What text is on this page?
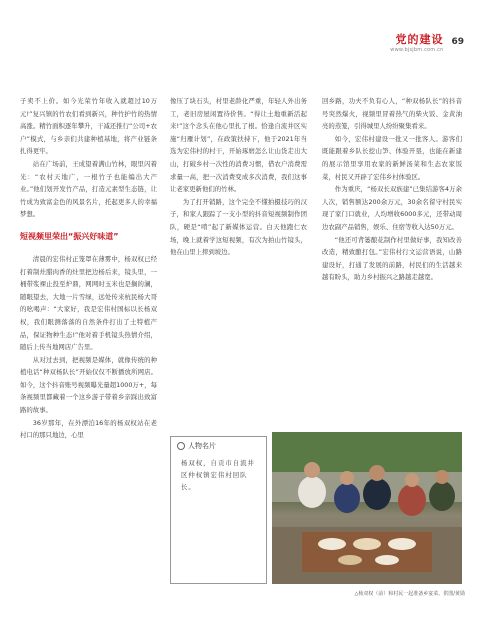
党的建设
www.bjsjbm.com.cn
69

子卖不上价。如今光荣竹年收入就超过10万元!”复兴镇的竹农们看到新兴，种竹护竹的热情高涨。精竹面积逐年攀升，干减还推行“公司+农户”模式，与乡亲们共建种植基地，将产业链条扎得更牢。

站在广场前，王成望着满山竹林，眼里闪着光：“农村天地广，一根竹子也能编出大产业。”他们划开发竹产品，打造元素型生态链，让竹成为致富金色的风景名片，托起更多人的幸福梦想。

短视频里荣出“振兴好味道”

清晨的宏伟村正笼罩在薄雾中，杨双权已经打着制灶腊肉香的灶里把边杨后来，镜头里，一桶带浆裸止投至炉鼎，网网时玉米也是搁的澜，随眼望去，大地一片雪绿，远处传来杭民杨大哥的吆喝声：“大家好，我是宏伟村国标以长杨双权，我们眼测落落的自然条件打出了土特植产品，保证物种生态!”他对着手机镜头热情介绍，随后上传当地网店广告里。

从对过去到，把视频是媒体，就像传统的种植电话“种双杨队长”开始仅仅不断播放所网店。如今，这个抖音账号视频曝光量超1000万+，每条视频里都藏着一个这乡游子带着乡亲踩出致富路的故事。

36岁那年，在外漂泊16年的杨双权站在老村口的那只地边，心里

像压了块石头，村里老龄化严重，年轻人外出务工，老旧房屋闲置待价售。“得让土地重新活起来!”这个念头在他心里扎了根。恰逢自流井区实施“归雁计划”，在政策扶持下，他于2021年当选为宏伟村的村干，开始琢磨怎么让山货走出大山，打破乡村一次性的消费习惯，借农户消费需求量一高，把一次消费变成多次消费，我们这事让老家更新他们的竹林。

为了打开销路，这个完全不懂拍摄技巧的汉子，和家人跟踪了一支小型的抖音短视频制作团队，硬是“啃”起了新媒体运营。白天他跑仁农场，晚上就着学这短视频，有次为拍山竹镜头，他在山里上摔到坡边。

人物名片
杨双权，自贡市自流井区仲权镇宏伟村回队长。

回乡路，功夫不负有心人，“种双杨队长”的抖音号突然爆火，视频里冒着热气的柴火饭、金黄油亮的蒸笼，引得城里人纷纷聚集看来。

如今，宏伟村建设一批又一批客人。游客们既能跟着乡队长挖山笋、体验开垦，也能在新建的展示馆里享用农家的新鲜汤菜和生态农家饭菜，村民又开辟了宏伟乡村体验区。

作为重庆，“杨双长双族建”已集结游客4万余人次，销售额达200余万元，30余名留守村民实现了家门口就业，人均增收6000多元，还带动周边农副产品销售，娱乐、住宿等收入达50万元。

“他还可背篓酿花制作村里做好事，我知改善改造，精致酿打包。”宏伟村行文运营语说，山路建设好，打通了发展的前路，村民们的生活越来越有盼头，助力乡村振兴之路越走越宽。

△杨双权（前）和村民一起准备乡宴菜。供图/黄勋
